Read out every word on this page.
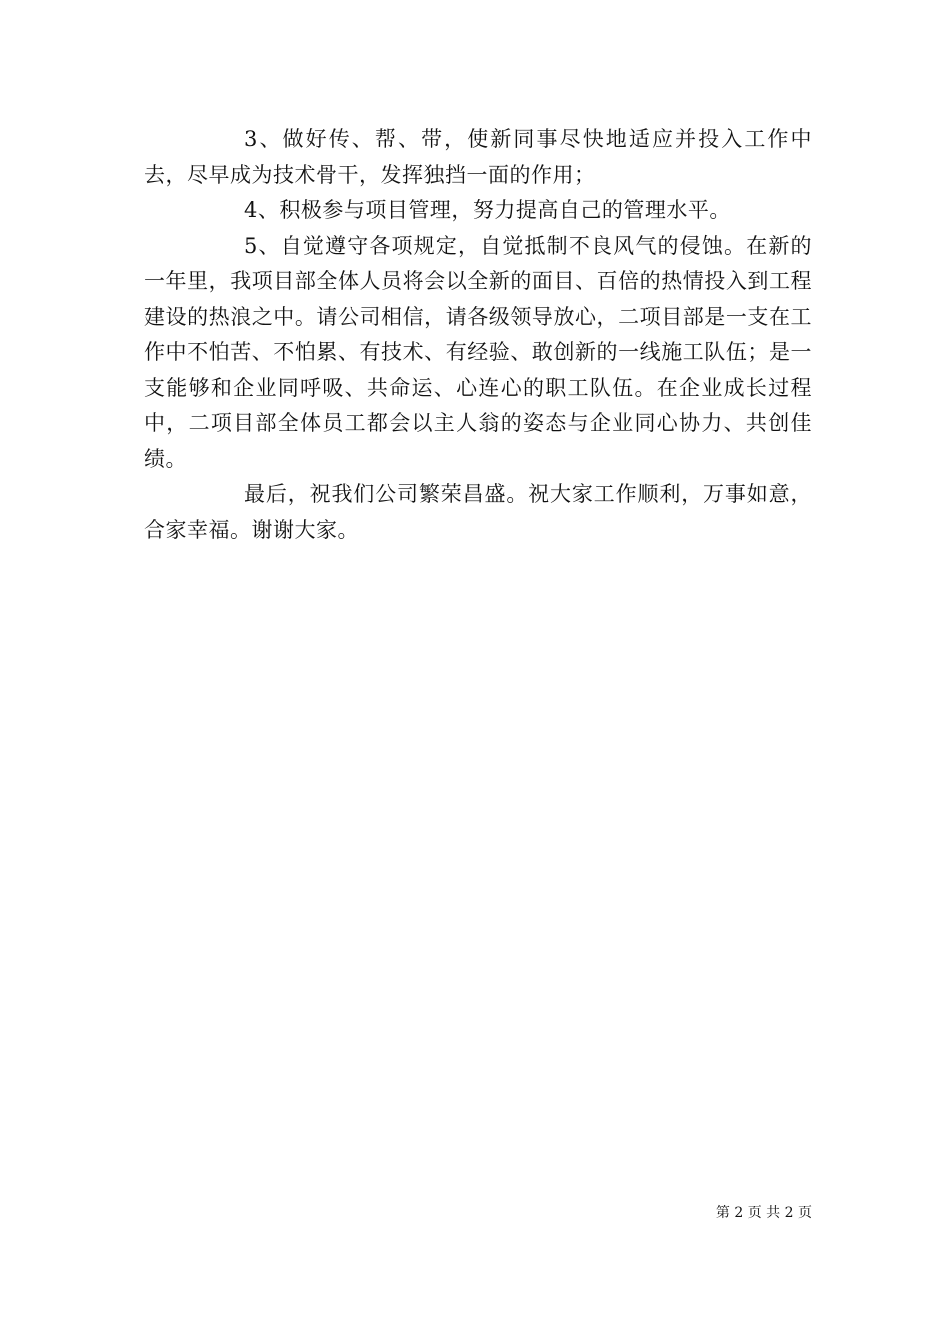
3、做好传、帮、带，使新同事尽快地适应并投入工作中去，尽早成为技术骨干，发挥独挡一面的作用；

4、积极参与项目管理，努力提高自己的管理水平。

5、自觉遵守各项规定，自觉抵制不良风气的侵蚀。在新的一年里，我项目部全体人员将会以全新的面目、百倍的热情投入到工程建设的热浪之中。请公司相信，请各级领导放心，二项目部是一支在工作中不怕苦、不怕累、有技术、有经验、敢创新的一线施工队伍；是一支能够和企业同呼吸、共命运、心连心的职工队伍。在企业成长过程中，二项目部全体员工都会以主人翁的姿态与企业同心协力、共创佳绩。

最后，祝我们公司繁荣昌盛。祝大家工作顺利，万事如意，合家幸福。谢谢大家。

第 2 页 共 2 页
